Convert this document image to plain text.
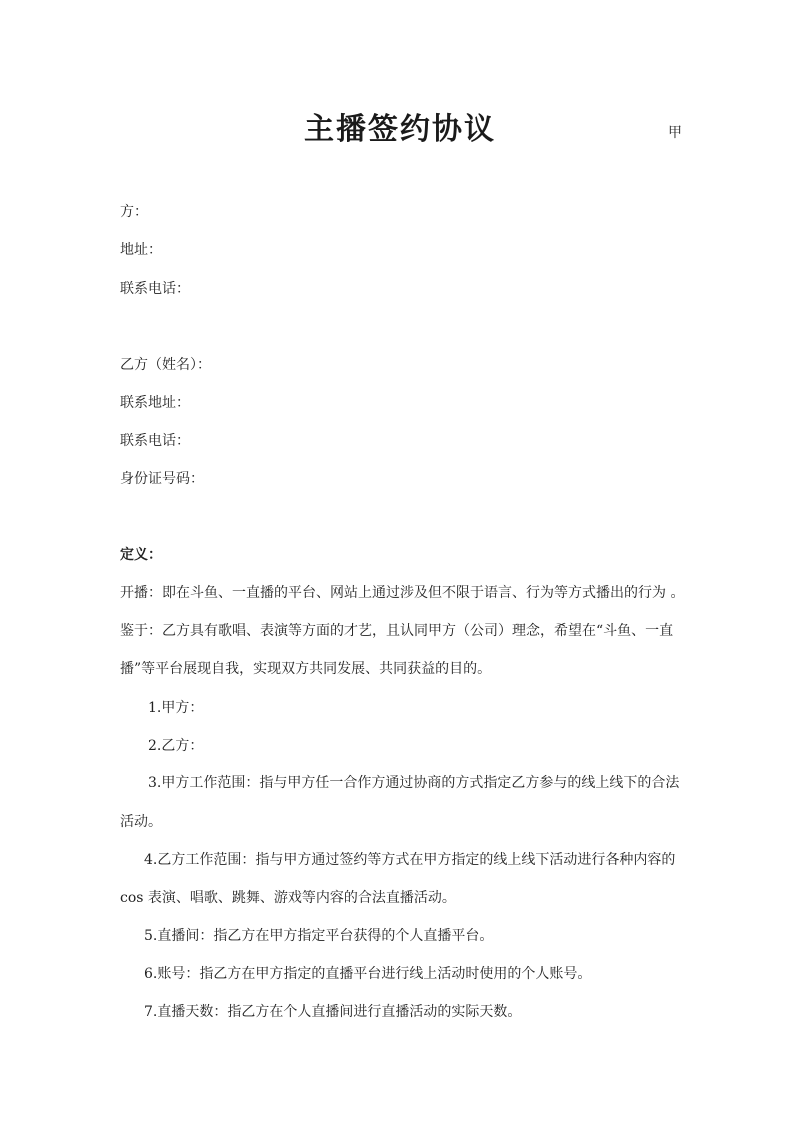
主播签约协议	甲
方：
地址：
联系电话：
乙方（姓名）：
联系地址：
联系电话：
身份证号码：
定义：
开播：即在斗鱼、一直播的平台、网站上通过涉及但不限于语言、行为等方式播出的行为 。
鉴于：乙方具有歌唱、表演等方面的才艺，且认同甲方（公司）理念，希望在“斗鱼、一直
播”等平台展现自我，实现双方共同发展、共同获益的目的。
1.甲方：
2.乙方：
3.甲方工作范围：指与甲方任一合作方通过协商的方式指定乙方参与的线上线下的合法
活动。
4.乙方工作范围：指与甲方通过签约等方式在甲方指定的线上线下活动进行各种内容的
cos 表演、唱歌、跳舞、游戏等内容的合法直播活动。
5.直播间：指乙方在甲方指定平台获得的个人直播平台。
6.账号：指乙方在甲方指定的直播平台进行线上活动时使用的个人账号。
7.直播天数：指乙方在个人直播间进行直播活动的实际天数。
